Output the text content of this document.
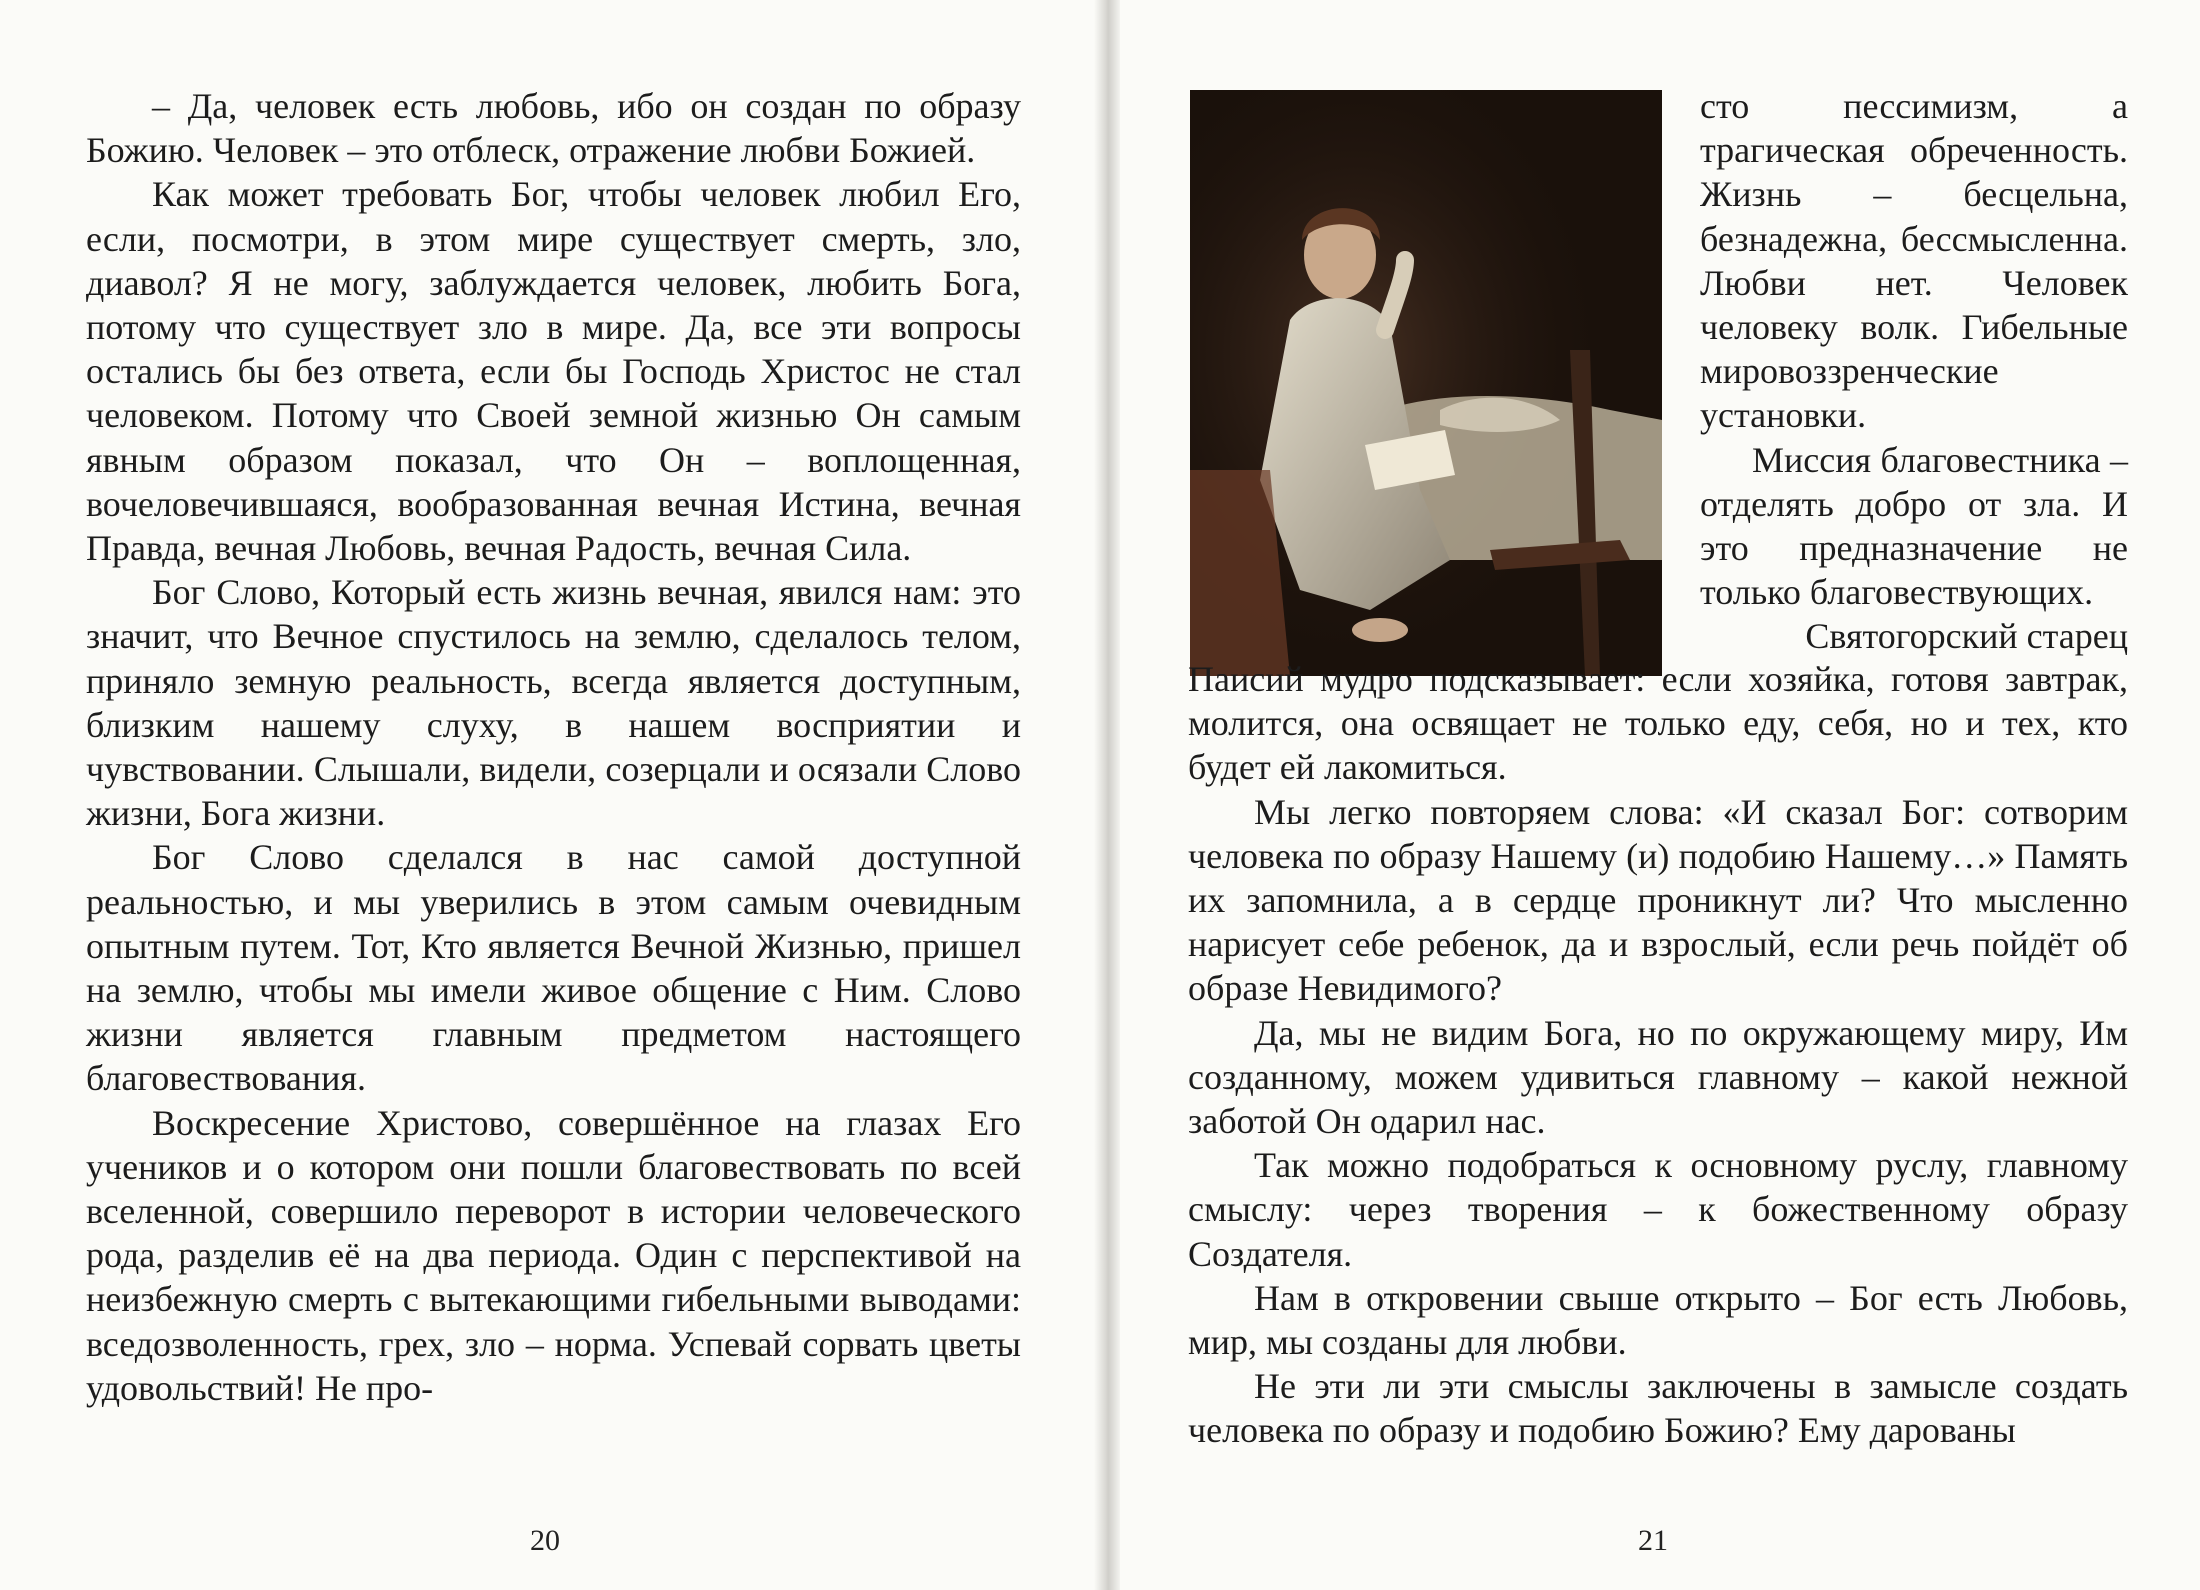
– Да, человек есть любовь, ибо он создан по образу Божию. Человек – это отблеск, отражение любви Божией.

Как может требовать Бог, чтобы человек любил Его, если, посмотри, в этом мире существует смерть, зло, диавол? Я не могу, заблуждается человек, любить Бога, потому что существует зло в мире. Да, все эти вопросы остались бы без ответа, если бы Господь Христос не стал человеком. Потому что Своей земной жизнью Он самым явным образом показал, что Он – воплощенная, вочеловечившаяся, вообразованная вечная Истина, вечная Правда, вечная Любовь, вечная Радость, вечная Сила.

Бог Слово, Который есть жизнь вечная, явился нам: это значит, что Вечное спустилось на землю, сделалось телом, приняло земную реальность, всегда является доступным, близким нашему слуху, в нашем восприятии и чувствовании. Слышали, видели, созерцали и осязали Слово жизни, Бога жизни.

Бог Слово сделался в нас самой доступной реальностью, и мы уверились в этом самым очевидным опытным путем. Тот, Кто является Вечной Жизнью, пришел на землю, чтобы мы имели живое общение с Ним. Слово жизни является главным предметом настоящего благовествования.

Воскресение Христово, совершённое на глазах Его учеников и о котором они пошли благовествовать по всей вселенной, совершило переворот в истории человеческого рода, разделив её на два периода. Один с перспективой на неизбежную смерть с вытекающими гибельными выводами: вседозволенность, грех, зло – норма. Успевай сорвать цветы удовольствий! Не про-

20

сто пессимизм, а трагическая обреченность. Жизнь – бесцельна, безнадежна, бессмысленна. Любви нет. Человек человеку волк. Гибельные мировоззренческие установки.

Миссия благовестника – отделять добро от зла. И это предназначение не только благовествующих.

Святогорский старец

Паисий мудро подсказывает: если хозяйка, готовя завтрак, молится, она освящает не только еду, себя, но и тех, кто будет ей лакомиться.

Мы легко повторяем слова: «И сказал Бог: сотворим человека по образу Нашему (и) подобию Нашему…» Память их запомнила, а в сердце проникнут ли? Что мысленно нарисует себе ребенок, да и взрослый, если речь пойдёт об образе Невидимого?

Да, мы не видим Бога, но по окружающему миру, Им созданному, можем удивиться главному – какой нежной заботой Он одарил нас.

Так можно подобраться к основному руслу, главному смыслу: через творения – к божественному образу Создателя.

Нам в откровении свыше открыто – Бог есть Любовь, мир, мы созданы для любви.

Не эти ли эти смыслы заключены в замысле создать человека по образу и подобию Божию? Ему дарованы

21
